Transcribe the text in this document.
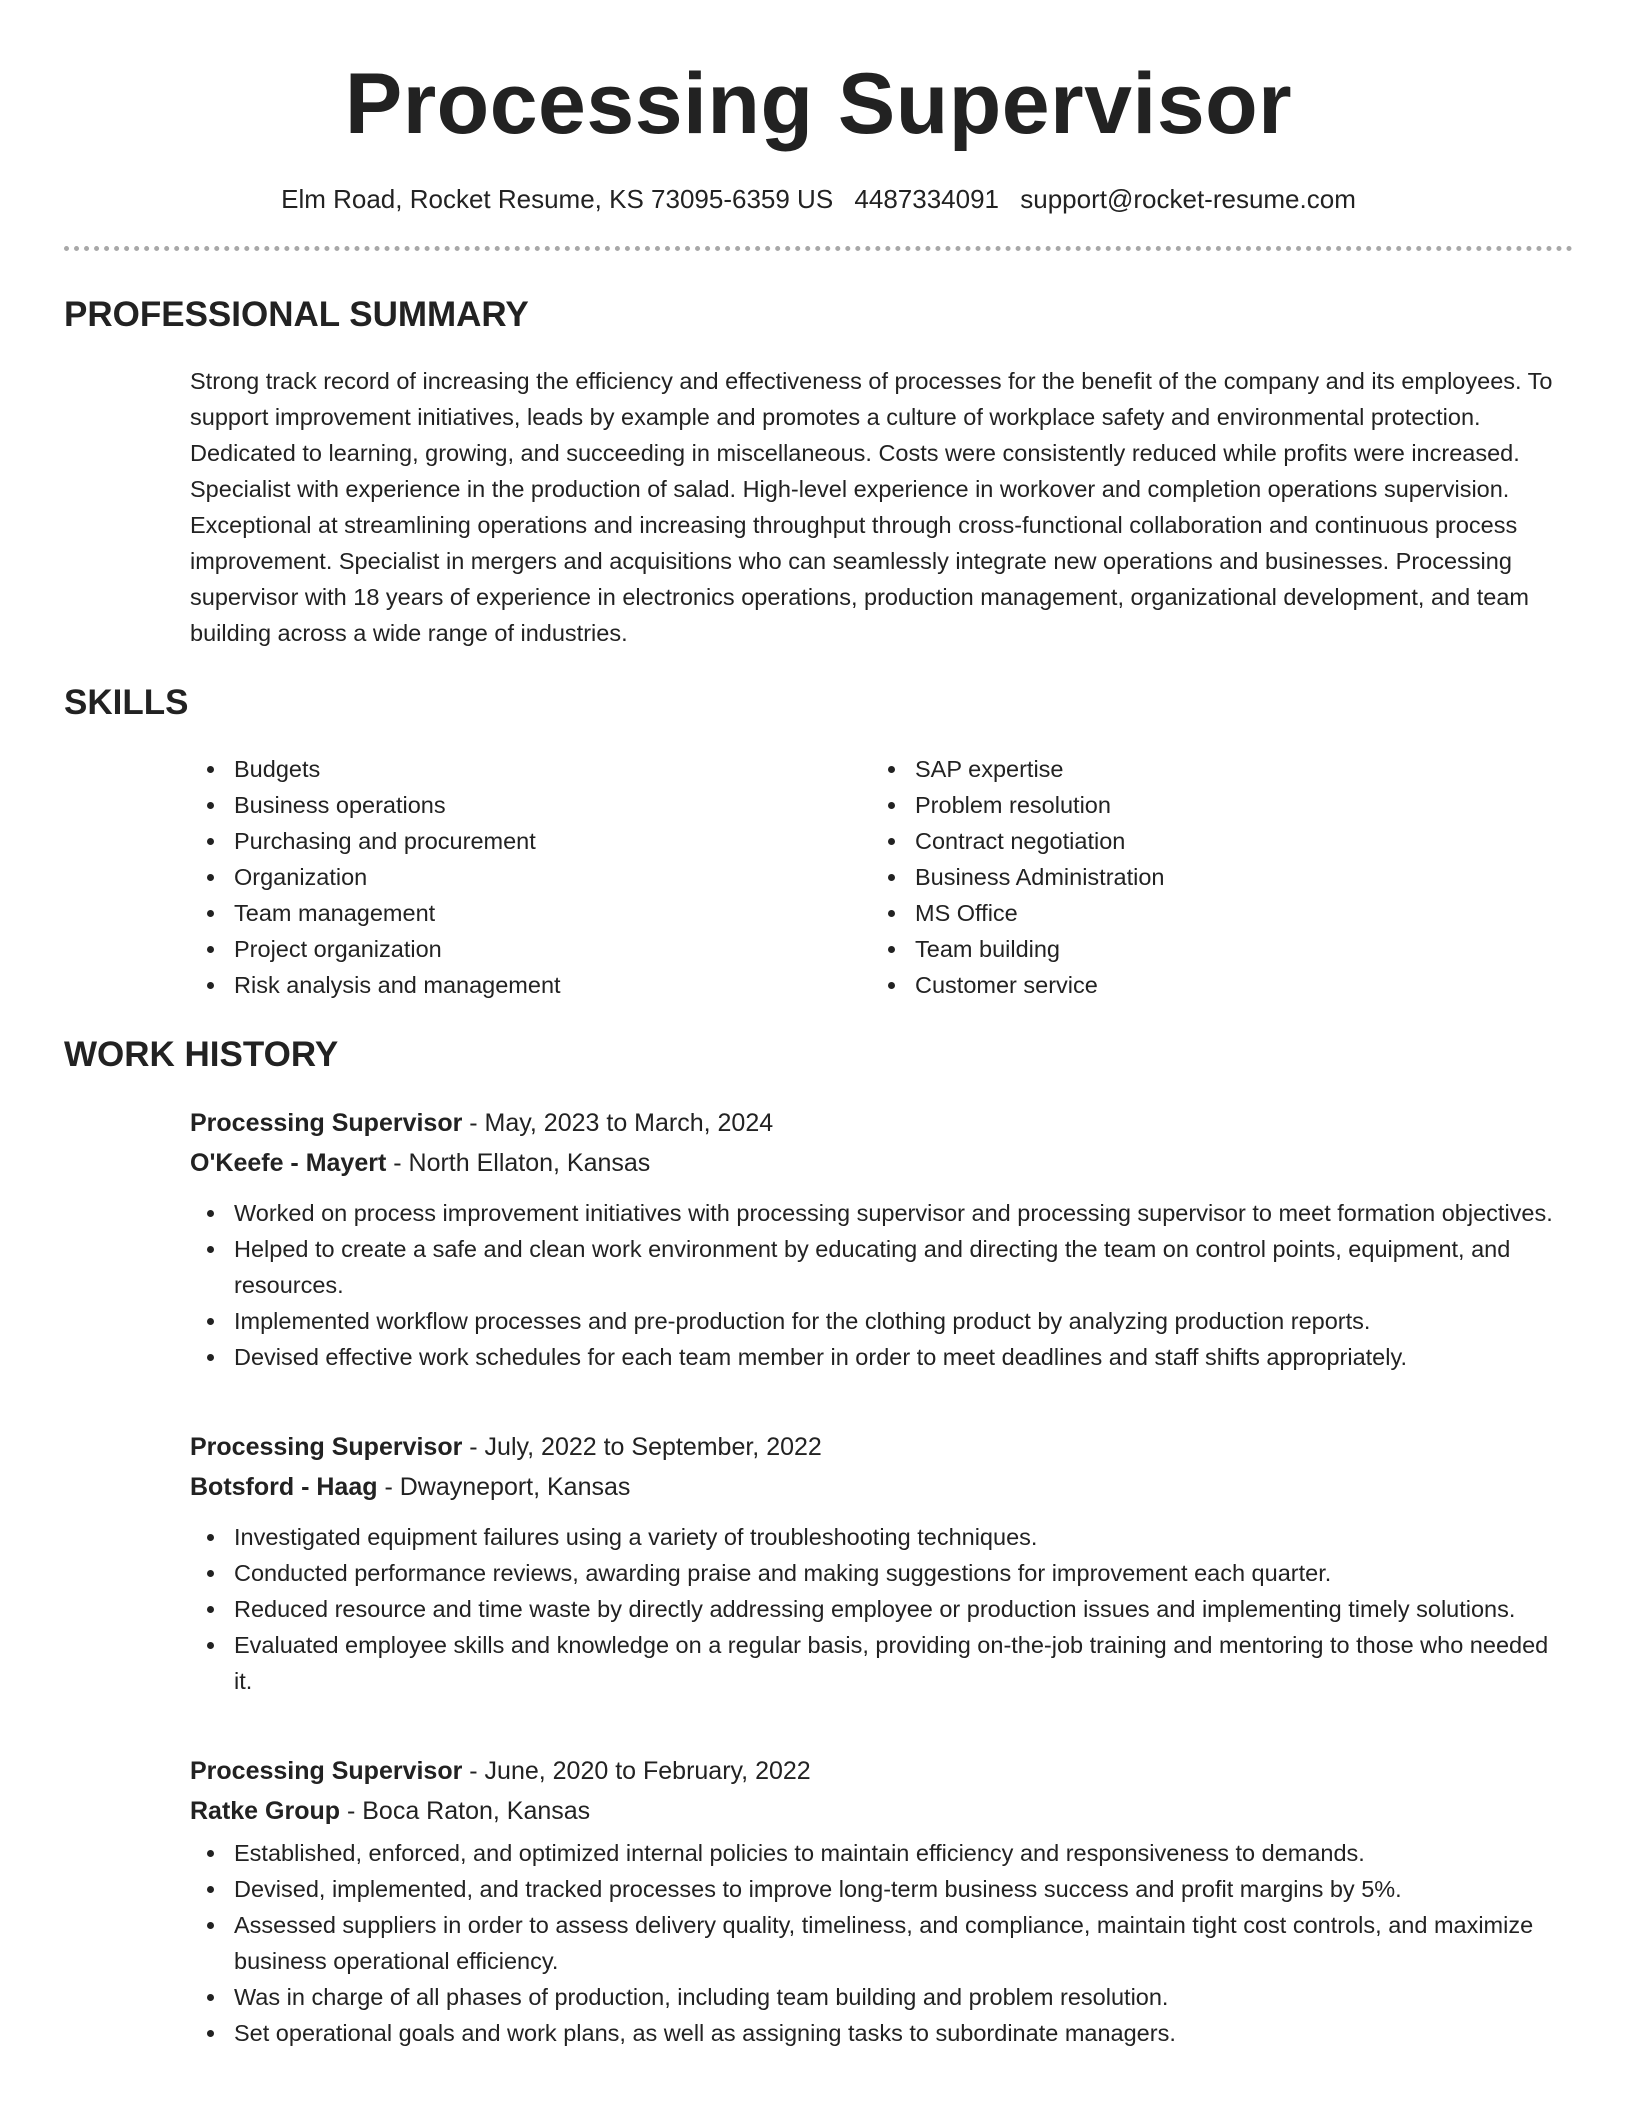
Processing Supervisor
Elm Road, Rocket Resume, KS 73095-6359 US 4487334091 support@rocket-resume.com
PROFESSIONAL SUMMARY

Strong track record of increasing the efficiency and effectiveness of processes for the benefit of the company and its employees. To support improvement initiatives, leads by example and promotes a culture of workplace safety and environmental protection. Dedicated to learning, growing, and succeeding in miscellaneous. Costs were consistently reduced while profits were increased. Specialist with experience in the production of salad. High-level experience in workover and completion operations supervision. Exceptional at streamlining operations and increasing throughput through cross-functional collaboration and continuous process improvement. Specialist in mergers and acquisitions who can seamlessly integrate new operations and businesses. Processing supervisor with 18 years of experience in electronics operations, production management, organizational development, and team building across a wide range of industries.

SKILLS
Budgets
Business operations
Purchasing and procurement
Organization
Team management
Project organization
Risk analysis and management
SAP expertise
Problem resolution
Contract negotiation
Business Administration
MS Office
Team building
Customer service
WORK HISTORY
Processing Supervisor - May, 2023 to March, 2024
O'Keefe - Mayert - North Ellaton, Kansas
Worked on process improvement initiatives with processing supervisor and processing supervisor to meet formation objectives.
Helped to create a safe and clean work environment by educating and directing the team on control points, equipment, and resources.
Implemented workflow processes and pre-production for the clothing product by analyzing production reports.
Devised effective work schedules for each team member in order to meet deadlines and staff shifts appropriately.
Processing Supervisor - July, 2022 to September, 2022
Botsford - Haag - Dwayneport, Kansas
Investigated equipment failures using a variety of troubleshooting techniques.
Conducted performance reviews, awarding praise and making suggestions for improvement each quarter.
Reduced resource and time waste by directly addressing employee or production issues and implementing timely solutions.
Evaluated employee skills and knowledge on a regular basis, providing on-the-job training and mentoring to those who needed it.
Processing Supervisor - June, 2020 to February, 2022
Ratke Group - Boca Raton, Kansas
Established, enforced, and optimized internal policies to maintain efficiency and responsiveness to demands.
Devised, implemented, and tracked processes to improve long-term business success and profit margins by 5%.
Assessed suppliers in order to assess delivery quality, timeliness, and compliance, maintain tight cost controls, and maximize business operational efficiency.
Was in charge of all phases of production, including team building and problem resolution.
Set operational goals and work plans, as well as assigning tasks to subordinate managers.
